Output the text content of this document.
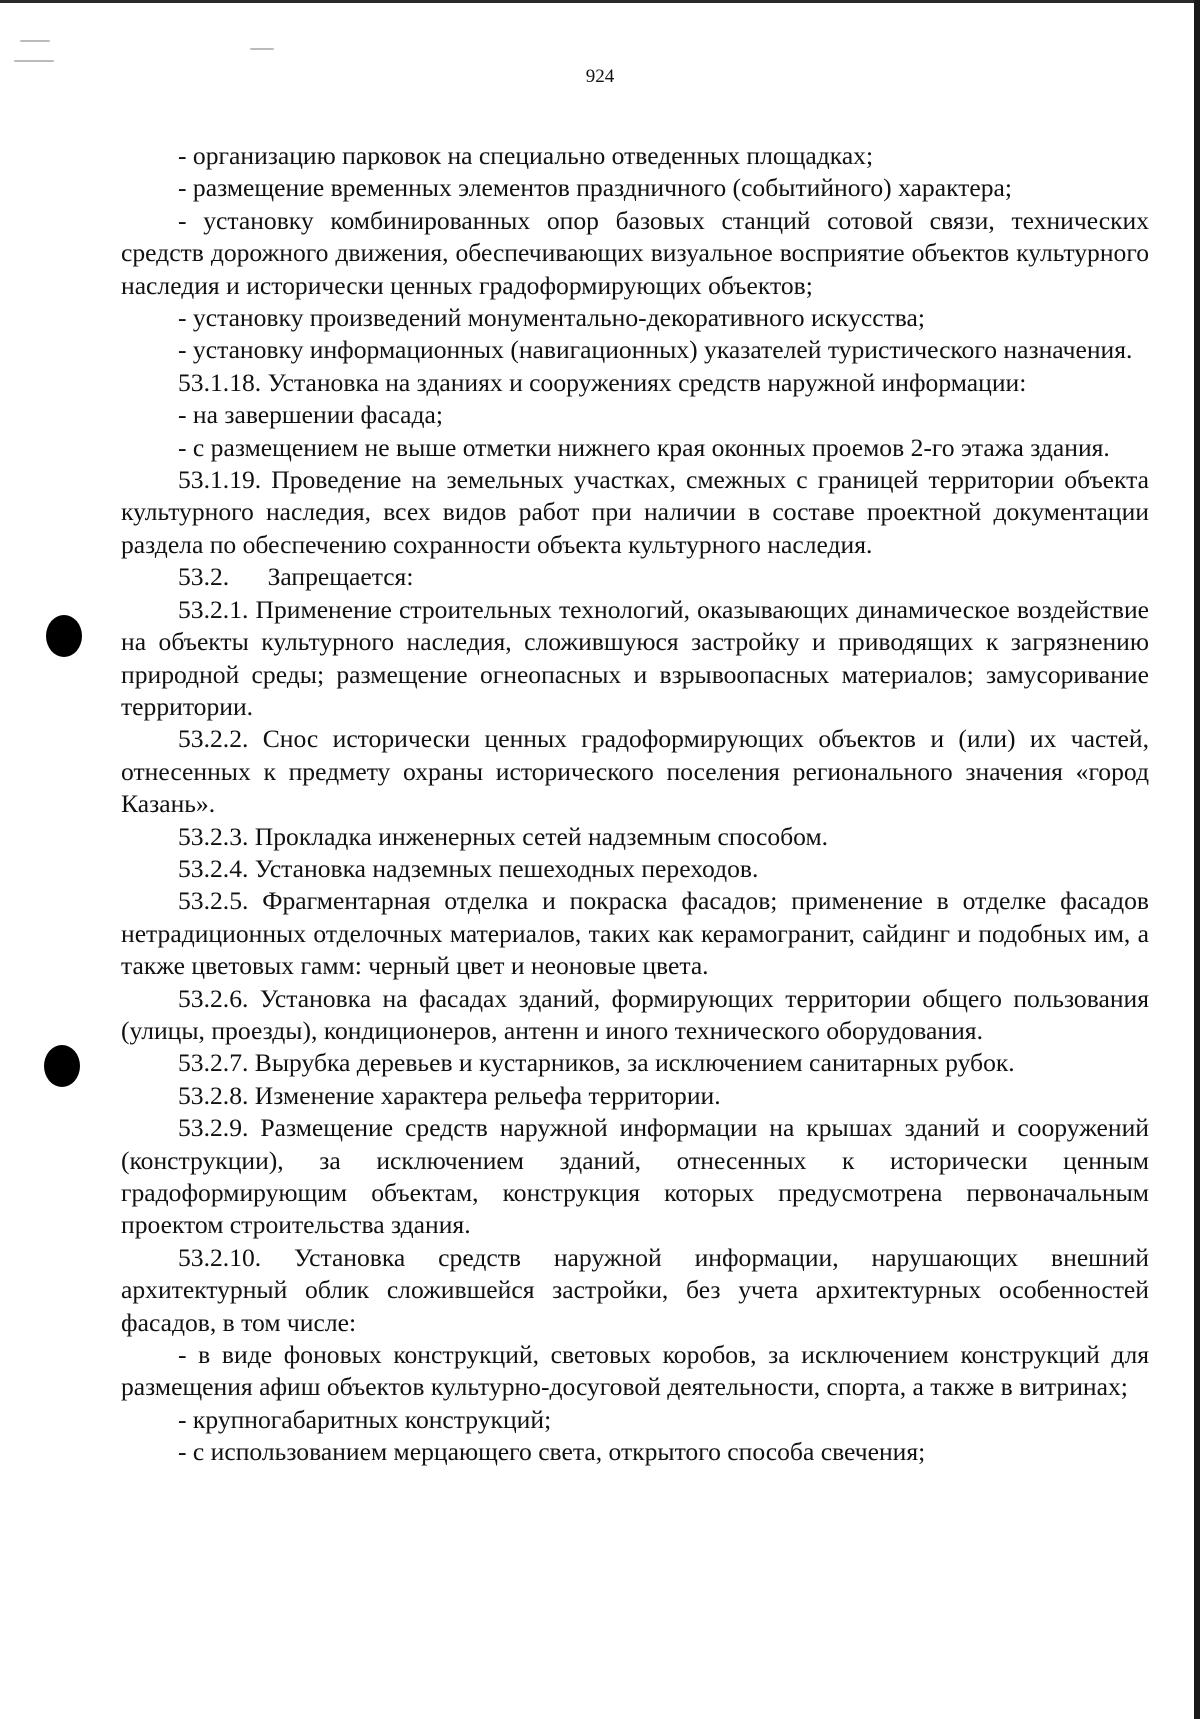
924

- организацию парковок на специально отведенных площадках;

- размещение временных элементов праздничного (событийного) характера;

- установку комбинированных опор базовых станций сотовой связи, технических средств дорожного движения, обеспечивающих визуальное восприятие объектов культурного наследия и исторически ценных градоформирующих объектов;

- установку произведений монументально-декоративного искусства;

- установку информационных (навигационных) указателей туристического назначения.

53.1.18. Установка на зданиях и сооружениях средств наружной информации:

- на завершении фасада;

- с размещением не выше отметки нижнего края оконных проемов 2-го этажа здания.

53.1.19. Проведение на земельных участках, смежных с границей территории объекта культурного наследия, всех видов работ при наличии в составе проектной документации раздела по обеспечению сохранности объекта культурного наследия.

53.2.      Запрещается:

53.2.1. Применение строительных технологий, оказывающих динамическое воздействие на объекты культурного наследия, сложившуюся застройку и приводящих к загрязнению природной среды; размещение огнеопасных и взрывоопасных материалов; замусоривание территории.

53.2.2. Снос исторически ценных градоформирующих объектов и (или) их частей, отнесенных к предмету охраны исторического поселения регионального значения «город Казань».

53.2.3. Прокладка инженерных сетей надземным способом.

53.2.4. Установка надземных пешеходных переходов.

53.2.5. Фрагментарная отделка и покраска фасадов; применение в отделке фасадов нетрадиционных отделочных материалов, таких как керамогранит, сайдинг и подобных им, а также цветовых гамм: черный цвет и неоновые цвета.

53.2.6. Установка на фасадах зданий, формирующих территории общего пользования (улицы, проезды), кондиционеров, антенн и иного технического оборудования.

53.2.7. Вырубка деревьев и кустарников, за исключением санитарных рубок.

53.2.8. Изменение характера рельефа территории.

53.2.9. Размещение средств наружной информации на крышах зданий и сооружений (конструкции), за исключением зданий, отнесенных к исторически ценным градоформирующим объектам, конструкция которых предусмотрена первоначальным проектом строительства здания.

53.2.10. Установка средств наружной информации, нарушающих внешний архитектурный облик сложившейся застройки, без учета архитектурных особенностей фасадов, в том числе:

- в виде фоновых конструкций, световых коробов, за исключением конструкций для размещения афиш объектов культурно-досуговой деятельности, спорта, а также в витринах;

- крупногабаритных конструкций;

- с использованием мерцающего света, открытого способа свечения;
